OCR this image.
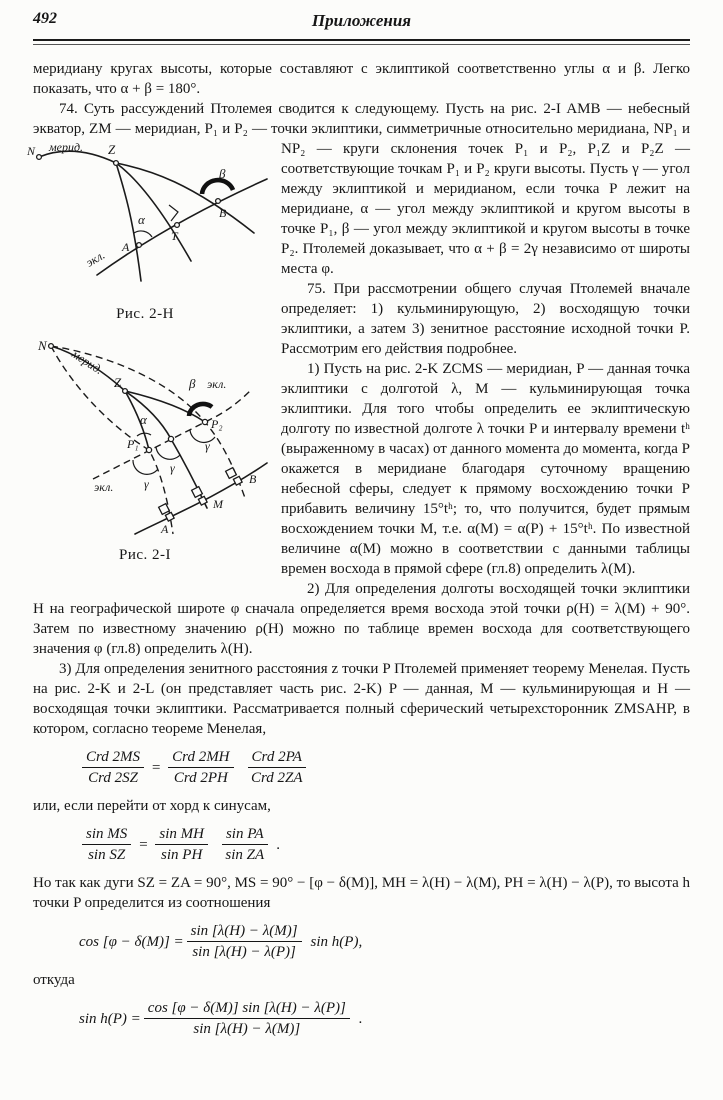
492	Приложения

меридиану кругах высоты, которые составляют с эклиптикой соответственно углы α и β. Легко показать, что α + β = 180°.

74. Суть рассуждений Птолемея сводится к следующему. Пусть на рис. 2-I AMB — небесный экватор, ZM — меридиан, P₁ и P₂ — точки эклиптики, симметричные относительно меридиана, NP₁ и NP₂ — круги склонения точек P₁ и
N мерид. Z
α
β
экл.
A
T
B
Рис. 2-H
N
мерид.
Z
α
β экл.
P₁
P₂
γ
γ
γ
экл.
A
M
B
Рис. 2-I
P₂, P₁Z и P₂Z — соответствующие точкам P₁ и P₂ круги высоты. Пусть γ — угол между эклиптикой и меридианом, если точка P лежит на меридиане, α — угол между эклиптикой и кругом высоты в точке P₁, β — угол между эклиптикой и кругом высоты в точке P₂. Птолемей доказывает, что α + β = 2γ независимо от широты места φ.

75. При рассмотрении общего случая Птолемей вначале определяет: 1) кульминирующую, 2) восходящую точки эклиптики, а затем 3) зенитное расстояние исходной точки P. Рассмотрим его действия подробнее.

1) Пусть на рис. 2-K ZCMS — меридиан, P — данная точка эклиптики с долготой λ, M — кульминирующая точка эклиптики. Для того чтобы определить ее эклиптическую долготу по известной долготе λ точки P и интервалу времени tʰ (выраженному в часах) от данного момента до момента, когда P окажется в меридиане благодаря суточному вращению небесной сферы, следует к прямому восхождению точки P прибавить величину 15°tʰ; то, что получится, будет прямым восхождением точки M, т.е. α(M) = α(P) + 15°tʰ. По известной величине α(M) можно в соответствии с данными таблицы времен восхода в прямой сфере (гл.8) определить λ(M).

2) Для определения долготы восходящей точки эклиптики H на географической широте φ сначала определяется время восхода этой точки ρ(H) = λ(M) + 90°. Затем по известному значению ρ(H) можно по таблице времен восхода для соответствующего значения φ (гл.8) определить λ(H).

3) Для определения зенитного расстояния z точки P Птолемей применяет теорему Менелая. Пусть на рис. 2-K и 2-L (он представляет часть рис. 2-K) P — данная, M — кульминирующая и H — восходящая точки эклиптики. Рассматривается полный сферический четырехсторонник ZMSAHP, в котором, согласно теореме Менелая,

$\frac{\text{Crd 2MS}}{\text{Crd 2SZ}} = \frac{\text{Crd 2MH}}{\text{Crd 2PH}} \frac{\text{Crd 2PA}}{\text{Crd 2ZA}}$

или, если перейти от хорд к синусам,

$\frac{\text{sin MS}}{\text{sin SZ}} = \frac{\text{sin MH}}{\text{sin PH}} \frac{\text{sin PA}}{\text{sin ZA}}$ .

Но так как дуги SZ = ZA = 90°, MS = 90° − [φ − δ(M)], MH = λ(H) − λ(M), PH = λ(H) − λ(P), то высота h точки P определится из соотношения

$\cos [\varphi - \delta(M)] = \frac{\sin [\lambda(H) - \lambda(M)]}{\sin [\lambda(H) - \lambda(P)]}$ sin h(P),

откуда

$\sin h(P) = \frac{\cos [\varphi - \delta(M)] \sin [\lambda(H) - \lambda(P)]}{\sin [\lambda(H) - \lambda(M)]}$ .
